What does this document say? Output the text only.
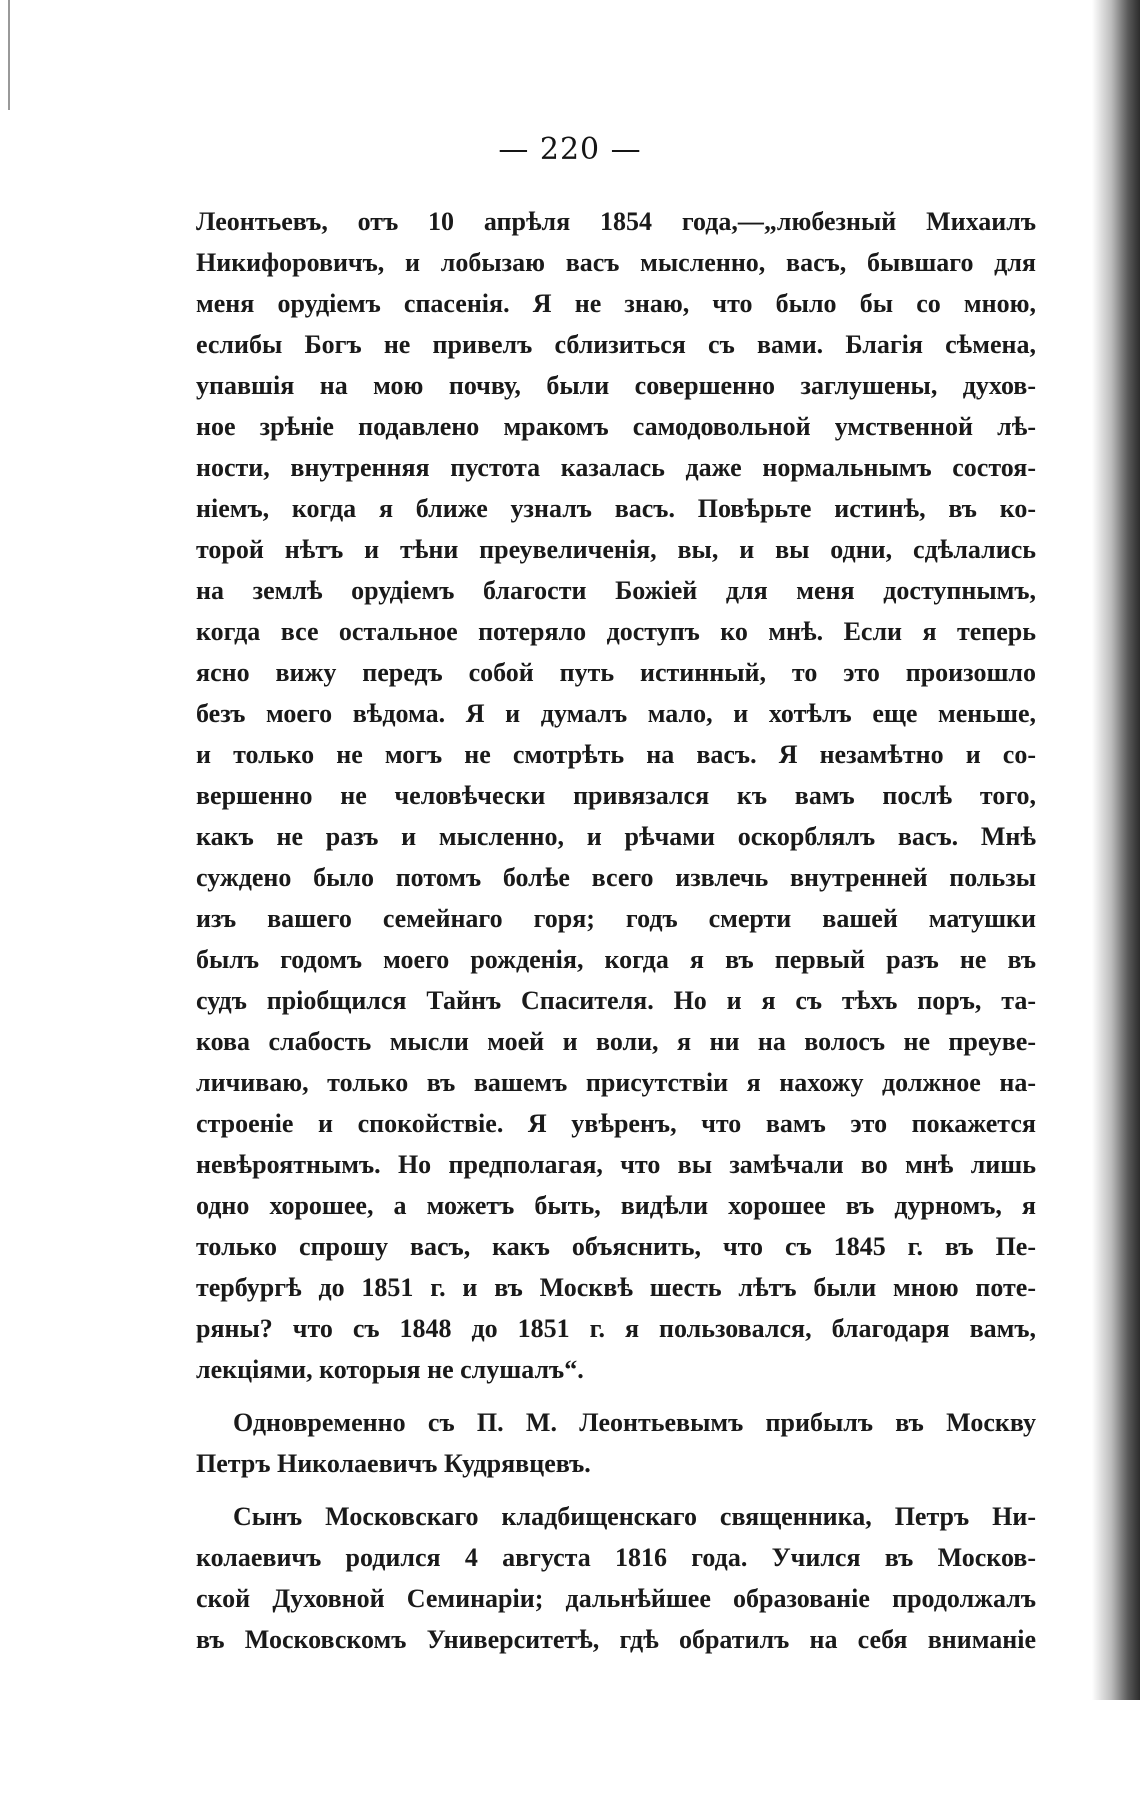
— 220 —
Леонтьевъ, отъ 10 апрѣля 1854 года,—„любезный Михаилъ
Никифоровичъ, и лобызаю васъ мысленно, васъ, бывшаго для
меня орудіемъ спасенія. Я не знаю, что было бы со мною,
еслибы Богъ не привелъ сблизиться съ вами. Благія сѣмена,
упавшія на мою почву, были совершенно заглушены, духов-
ное зрѣніе подавлено мракомъ самодовольной умственной лѣ-
ности, внутренняя пустота казалась даже нормальнымъ состоя-
ніемъ, когда я ближе узналъ васъ. Повѣрьте истинѣ, въ ко-
торой нѣтъ и тѣни преувеличенія, вы, и вы одни, сдѣлались
на землѣ орудіемъ благости Божіей для меня доступнымъ,
когда все остальное потеряло доступъ ко мнѣ. Если я теперь
ясно вижу передъ собой путь истинный, то это произошло
безъ моего вѣдома. Я и думалъ мало, и хотѣлъ еще меньше,
и только не могъ не смотрѣть на васъ. Я незамѣтно и со-
вершенно не человѣчески привязался къ вамъ послѣ того,
какъ не разъ и мысленно, и рѣчами оскорблялъ васъ. Мнѣ
суждено было потомъ болѣе всего извлечь внутренней пользы
изъ вашего семейнаго горя; годъ смерти вашей матушки
былъ годомъ моего рожденія, когда я въ первый разъ не въ
судъ пріобщился Тайнъ Спасителя. Но и я съ тѣхъ поръ, та-
кова слабость мысли моей и воли, я ни на волосъ не преуве-
личиваю, только въ вашемъ присутствіи я нахожу должное на-
строеніе и спокойствіе. Я увѣренъ, что вамъ это покажется
невѣроятнымъ. Но предполагая, что вы замѣчали во мнѣ лишь
одно хорошее, а можетъ быть, видѣли хорошее въ дурномъ, я
только спрошу васъ, какъ объяснить, что съ 1845 г. въ Пе-
тербургѣ до 1851 г. и въ Москвѣ шесть лѣтъ были мною поте-
ряны? что съ 1848 до 1851 г. я пользовался, благодаря вамъ,
лекціями, которыя не слушалъ“.
Одновременно съ П. М. Леонтьевымъ прибылъ въ Москву
Петръ Николаевичъ Кудрявцевъ.
Сынъ Московскаго кладбищенскаго священника, Петръ Ни-
колаевичъ родился 4 августа 1816 года. Учился въ Москов-
ской Духовной Семинаріи; дальнѣйшее образованіе продолжалъ
въ Московскомъ Университетѣ, гдѣ обратилъ на себя вниманіе
